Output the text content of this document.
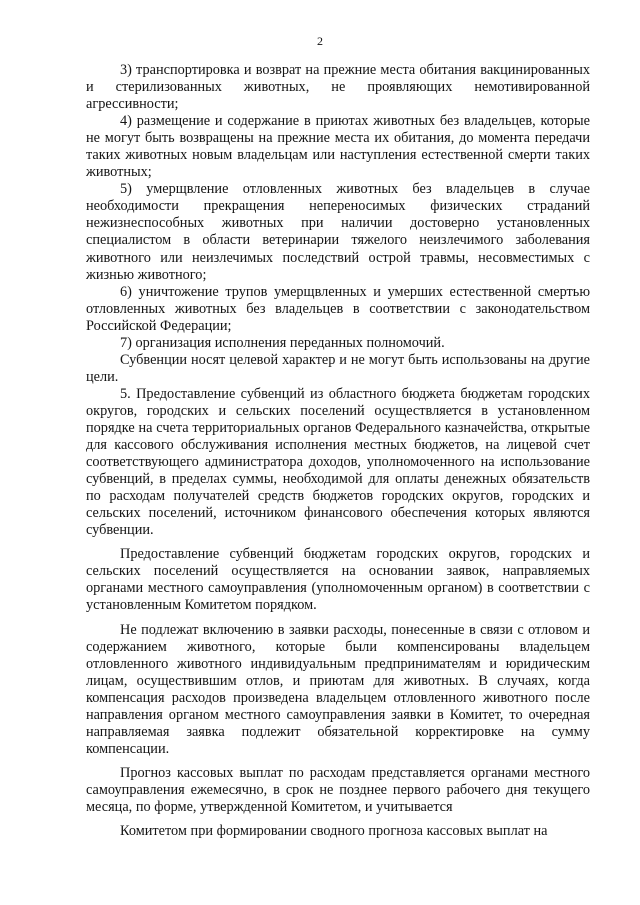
2

3) транспортировка и возврат на прежние места обитания вакцинированных и стерилизованных животных, не проявляющих немотивированной агрессивности;

4) размещение и содержание в приютах животных без владельцев, которые не могут быть возвращены на прежние места их обитания, до момента передачи таких животных новым владельцам или наступления естественной смерти таких животных;

5) умерщвление отловленных животных без владельцев в случае необходимости прекращения непереносимых физических страданий нежизнеспособных животных при наличии достоверно установленных специалистом в области ветеринарии тяжелого неизлечимого заболевания животного или неизлечимых последствий острой травмы, несовместимых с жизнью животного;

6) уничтожение трупов умерщвленных и умерших естественной смертью отловленных животных без владельцев в соответствии с законодательством Российской Федерации;

7) организация исполнения переданных полномочий.

Субвенции носят целевой характер и не могут быть использованы на другие цели.

5. Предоставление субвенций из областного бюджета бюджетам городских округов, городских и сельских поселений осуществляется в установленном порядке на счета территориальных органов Федерального казначейства, открытые для кассового обслуживания исполнения местных бюджетов, на лицевой счет соответствующего администратора доходов, уполномоченного на использование субвенций, в пределах суммы, необходимой для оплаты денежных обязательств по расходам получателей средств бюджетов городских округов, городских и сельских поселений, источником финансового обеспечения которых являются субвенции.

Предоставление субвенций бюджетам городских округов, городских и сельских поселений осуществляется на основании заявок, направляемых органами местного самоуправления (уполномоченным органом) в соответствии с установленным Комитетом порядком.

Не подлежат включению в заявки расходы, понесенные в связи с отловом и содержанием животного, которые были компенсированы владельцем отловленного животного индивидуальным предпринимателям и юридическим лицам, осуществившим отлов, и приютам для животных. В случаях, когда компенсация расходов произведена владельцем отловленного животного после направления органом местного самоуправления заявки в Комитет, то очередная направляемая заявка подлежит обязательной корректировке на сумму компенсации.

Прогноз кассовых выплат по расходам представляется органами местного самоуправления ежемесячно, в срок не позднее первого рабочего дня текущего месяца, по форме, утвержденной Комитетом, и учитывается

Комитетом при формировании сводного прогноза кассовых выплат на
